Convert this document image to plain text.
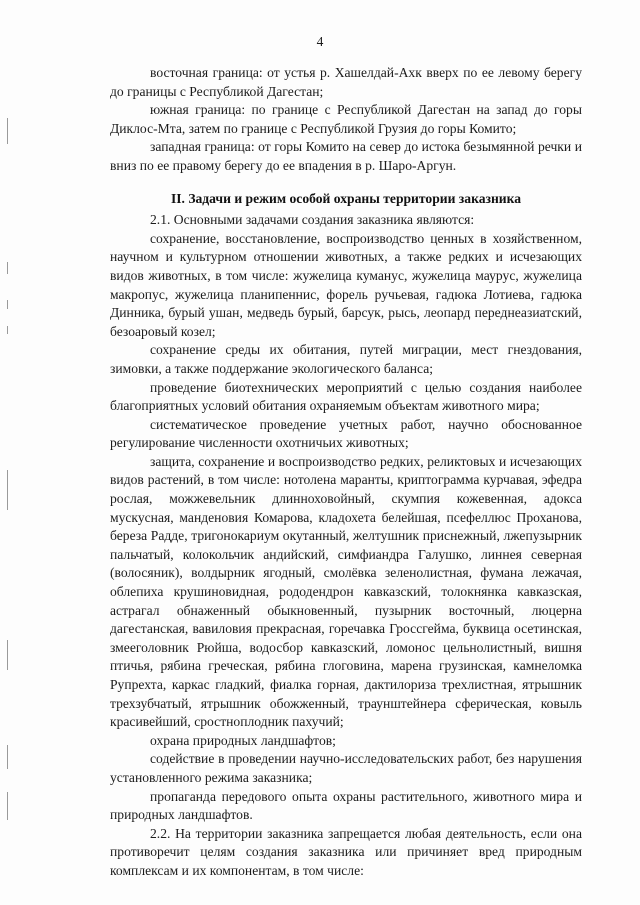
4

восточная граница: от устья р. Хашелдай-Ахк вверх по ее левому берегу до границы с Республикой Дагестан;

южная граница: по границе с Республикой Дагестан на запад до горы Диклос-Мта, затем по границе с Республикой Грузия до горы Комито;

западная граница: от горы Комито на север до истока безымянной речки и вниз по ее правому берегу до ее впадения в р. Шаро-Аргун.

II. Задачи и режим особой охраны территории заказника

2.1. Основными задачами создания заказника являются:

сохранение, восстановление, воспроизводство ценных в хозяйственном, научном и культурном отношении животных, а также редких и исчезающих видов животных, в том числе: жужелица куманус, жужелица маурус, жужелица макропус, жужелица планипеннис, форель ручьевая, гадюка Лотиева, гадюка Динника, бурый ушан, медведь бурый, барсук, рысь, леопард переднеазиатский, безоаровый козел;

сохранение среды их обитания, путей миграции, мест гнездования, зимовки, а также поддержание экологического баланса;

проведение биотехнических мероприятий с целью создания наиболее благоприятных условий обитания охраняемым объектам животного мира;

систематическое проведение учетных работ, научно обоснованное регулирование численности охотничьих животных;

защита, сохранение и воспроизводство редких, реликтовых и исчезающих видов растений, в том числе: нотолена маранты, криптограмма курчавая, эфедра рослая, можжевельник длинноховойный, скумпия кожевенная, адокса мускусная, манденовия Комарова, кладохета белейшая, псефеллюс Проханова, береза Радде, тригонокариум окутанный, желтушник приснежный, лжепузырник пальчатый, колокольчик андийский, симфиандра Галушко, линнея северная (волосяник), волдырник ягодный, смолёвка зеленолистная, фумана лежачая, облепиха крушиновидная, рододендрон кавказский, толокнянка кавказская, астрагал обнаженный обыкновенный, пузырник восточный, люцерна дагестанская, вавиловия прекрасная, горечавка Гроссгейма, буквица осетинская, змееголовник Рюйша, водосбор кавказский, ломонос цельнолистный, вишня птичья, рябина греческая, рябина глоговина, марена грузинская, камнеломка Рупрехта, каркас гладкий, фиалка горная, дактилориза трехлистная, ятрышник трехзубчатый, ятрышник обожженный, траунштейнера сферическая, ковыль красивейший, сростноплодник пахучий;

охрана природных ландшафтов;

содействие в проведении научно-исследовательских работ, без нарушения установленного режима заказника;

пропаганда передового опыта охраны растительного, животного мира и природных ландшафтов.

2.2. На территории заказника запрещается любая деятельность, если она противоречит целям создания заказника или причиняет вред природным комплексам и их компонентам, в том числе:
